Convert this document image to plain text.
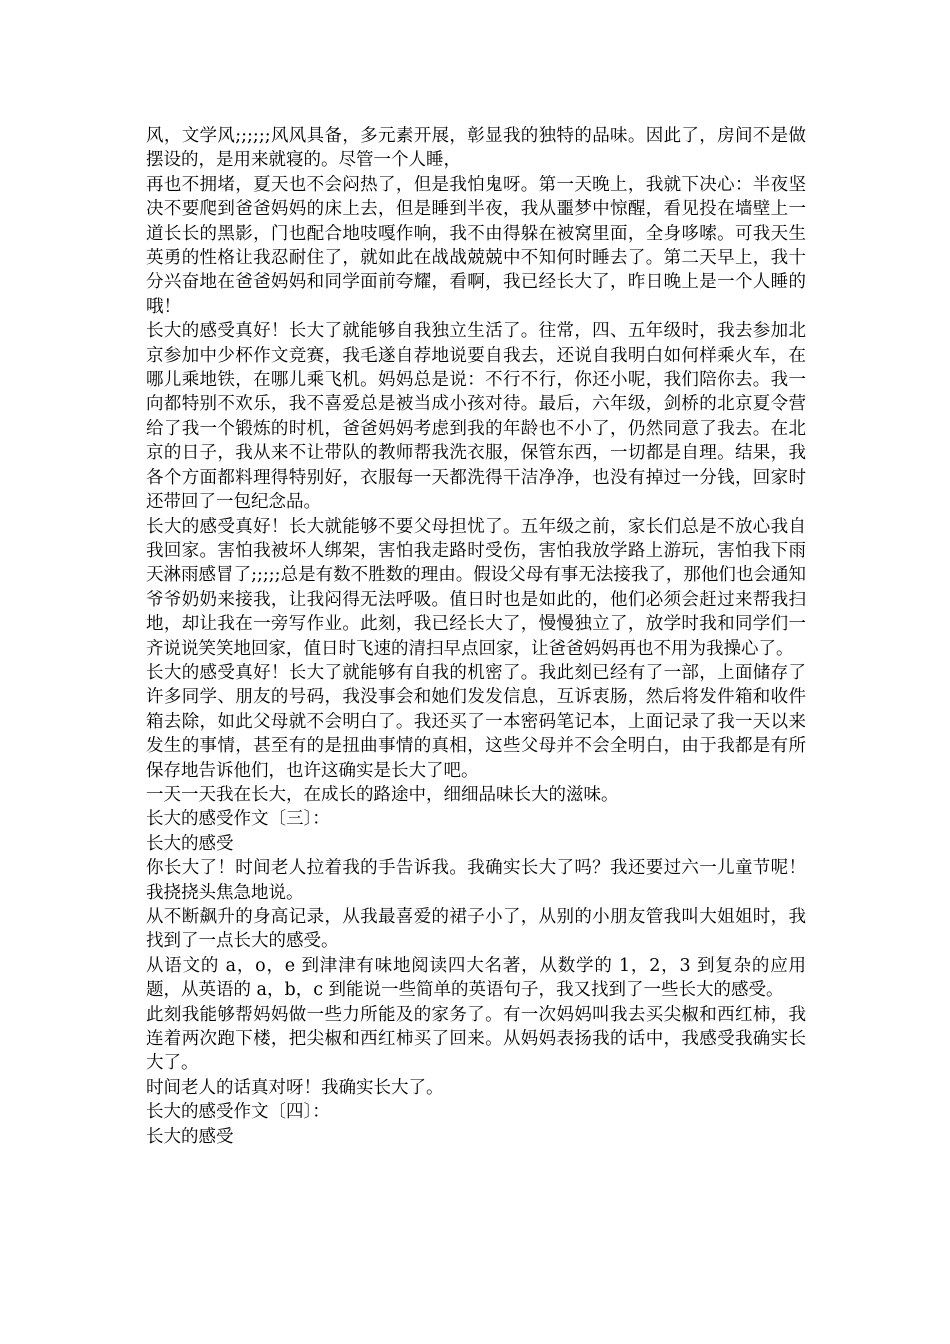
风，文学风;;;;;;风风具备，多元素开展，彰显我的独特的品味。因此了，房间不是做摆设的，是用来就寝的。尽管一个人睡，

再也不拥堵，夏天也不会闷热了，但是我怕鬼呀。第一天晚上，我就下决心：半夜坚决不要爬到爸爸妈妈的床上去，但是睡到半夜，我从噩梦中惊醒，看见投在墙壁上一道长长的黑影，门也配合地吱嘎作响，我不由得躲在被窝里面，全身哆嗦。可我天生英勇的性格让我忍耐住了，就如此在战战兢兢中不知何时睡去了。第二天早上，我十分兴奋地在爸爸妈妈和同学面前夸耀，看啊，我已经长大了，昨日晚上是一个人睡的哦！

长大的感受真好！长大了就能够自我独立生活了。往常，四、五年级时，我去参加北京参加中少杯作文竞赛，我毛遂自荐地说要自我去，还说自我明白如何样乘火车，在哪儿乘地铁，在哪儿乘飞机。妈妈总是说：不行不行，你还小呢，我们陪你去。我一向都特别不欢乐，我不喜爱总是被当成小孩对待。最后，六年级，剑桥的北京夏令营给了我一个锻炼的时机，爸爸妈妈考虑到我的年龄也不小了，仍然同意了我去。在北京的日子，我从来不让带队的教师帮我洗衣服，保管东西，一切都是自理。结果，我各个方面都料理得特别好，衣服每一天都洗得干洁净净，也没有掉过一分钱，回家时还带回了一包纪念品。

长大的感受真好！长大就能够不要父母担忧了。五年级之前，家长们总是不放心我自我回家。害怕我被坏人绑架，害怕我走路时受伤，害怕我放学路上游玩，害怕我下雨天淋雨感冒了;;;;;总是有数不胜数的理由。假设父母有事无法接我了，那他们也会通知爷爷奶奶来接我，让我闷得无法呼吸。值日时也是如此的，他们必须会赶过来帮我扫地，却让我在一旁写作业。此刻，我已经长大了，慢慢独立了，放学时我和同学们一齐说说笑笑地回家，值日时飞速的清扫早点回家，让爸爸妈妈再也不用为我操心了。

长大的感受真好！长大了就能够有自我的机密了。我此刻已经有了一部，上面储存了许多同学、朋友的号码，我没事会和她们发发信息，互诉衷肠，然后将发件箱和收件箱去除，如此父母就不会明白了。我还买了一本密码笔记本，上面记录了我一天以来发生的事情，甚至有的是扭曲事情的真相，这些父母并不会全明白，由于我都是有所保存地告诉他们，也许这确实是长大了吧。

一天一天我在长大，在成长的路途中，细细品味长大的滋味。

长大的感受作文〔三〕：

长大的感受

你长大了！时间老人拉着我的手告诉我。我确实长大了吗？我还要过六一儿童节呢！我挠挠头焦急地说。

从不断飙升的身高记录，从我最喜爱的裙子小了，从别的小朋友管我叫大姐姐时，我找到了一点长大的感受。

从语文的 a，o，e 到津津有味地阅读四大名著，从数学的 1，2，3 到复杂的应用题，从英语的 a，b，c 到能说一些简单的英语句子，我又找到了一些长大的感受。

此刻我能够帮妈妈做一些力所能及的家务了。有一次妈妈叫我去买尖椒和西红柿，我连着两次跑下楼，把尖椒和西红柿买了回来。从妈妈表扬我的话中，我感受我确实长大了。

时间老人的话真对呀！我确实长大了。

长大的感受作文〔四〕：

长大的感受
